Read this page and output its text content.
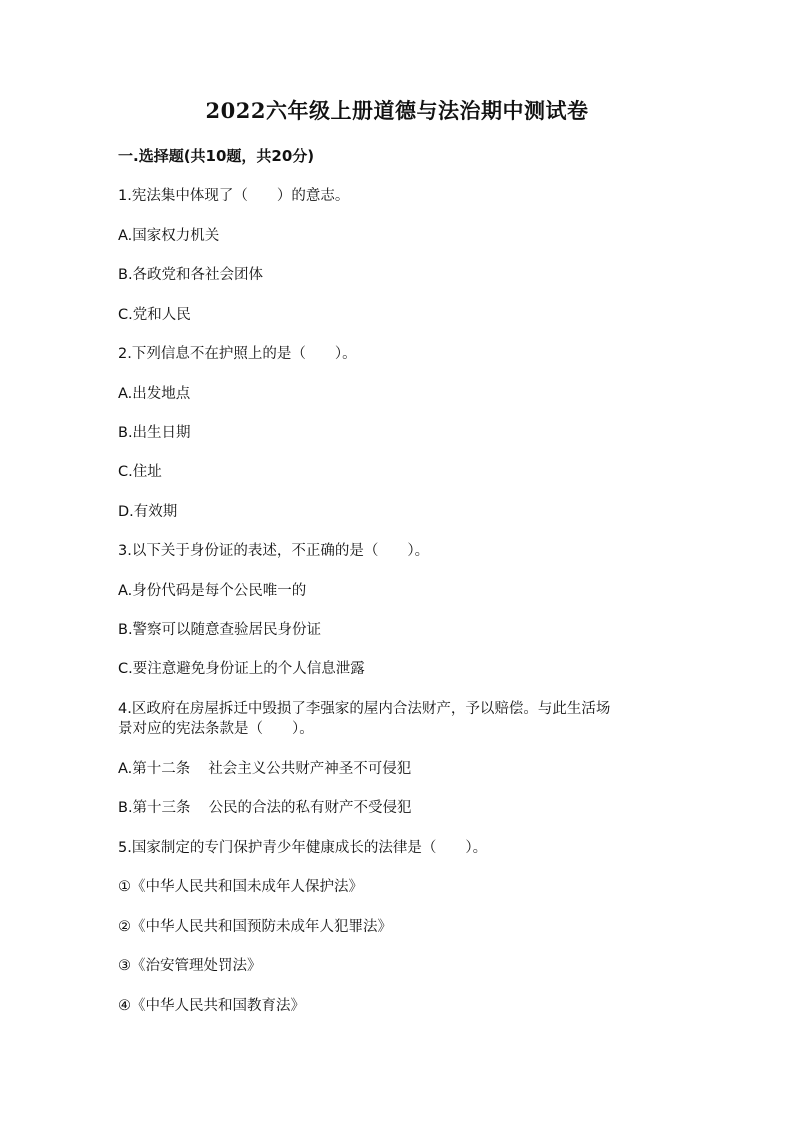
2022六年级上册道德与法治期中测试卷
一.选择题(共10题，共20分)
1.宪法集中体现了（　　）的意志。
A.国家权力机关
B.各政党和各社会团体
C.党和人民
2.下列信息不在护照上的是（　　）。
A.出发地点
B.出生日期
C.住址
D.有效期
3.以下关于身份证的表述，不正确的是（　　）。
A.身份代码是每个公民唯一的
B.警察可以随意查验居民身份证
C.要注意避免身份证上的个人信息泄露
4.区政府在房屋拆迁中毁损了李强家的屋内合法财产，予以赔偿。与此生活场
景对应的宪法条款是（　　）。
A.第十二条 社会主义公共财产神圣不可侵犯
B.第十三条 公民的合法的私有财产不受侵犯
5.国家制定的专门保护青少年健康成长的法律是（　　）。
①《中华人民共和国未成年人保护法》
②《中华人民共和国预防未成年人犯罪法》
③《治安管理处罚法》
④《中华人民共和国教育法》
